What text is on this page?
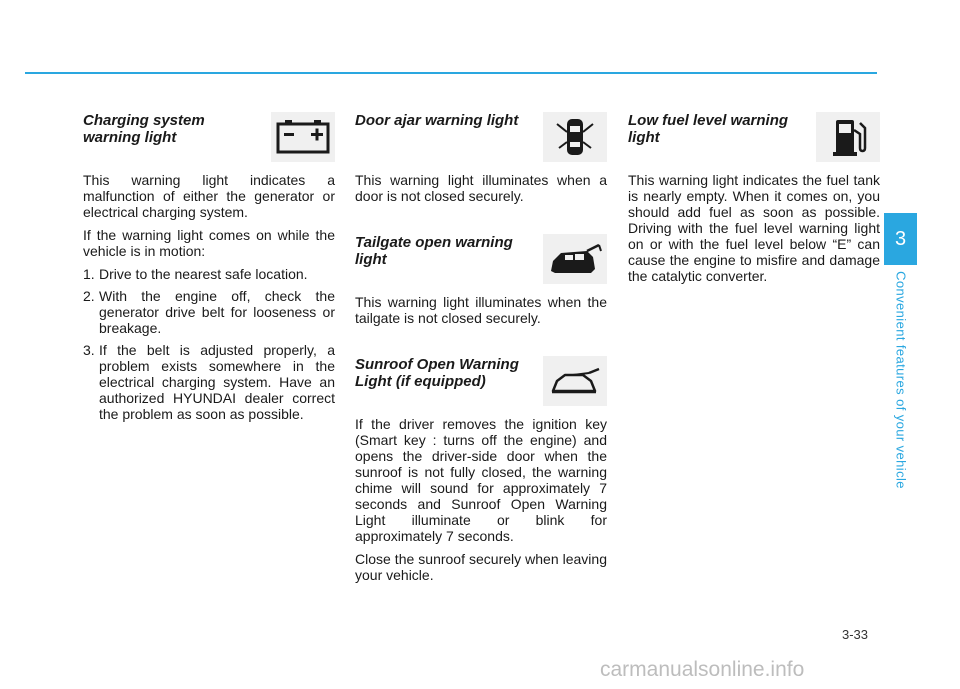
Charging system warning light

This warning light indicates a malfunction of either the generator or electrical charging system.

If the warning light comes on while the vehicle is in motion:

1. Drive to the nearest safe location.
2. With the engine off, check the generator drive belt for looseness or breakage.
3. If the belt is adjusted properly, a problem exists somewhere in the electrical charging system. Have an authorized HYUNDAI dealer correct the problem as soon as possible.
Door ajar warning light

This warning light illuminates when a door is not closed securely.

Tailgate open warning light

This warning light illuminates when the tailgate is not closed securely.

Sunroof Open Warning Light (if equipped)

If the driver removes the ignition key (Smart key : turns off the engine) and opens the driver-side door when the sunroof is not fully closed, the warning chime will sound for approximately 7 seconds and Sunroof Open Warning Light illuminate or blink for approximately 7 seconds.

Close the sunroof securely when leaving your vehicle.

Low fuel level warning light

This warning light indicates the fuel tank is nearly empty. When it comes on, you should add fuel as soon as possible. Driving with the fuel level warning light on or with the fuel level below “E” can cause the engine to misfire and damage the catalytic converter.

3
Convenient features of your vehicle
3-33
carmanualsonline.info
